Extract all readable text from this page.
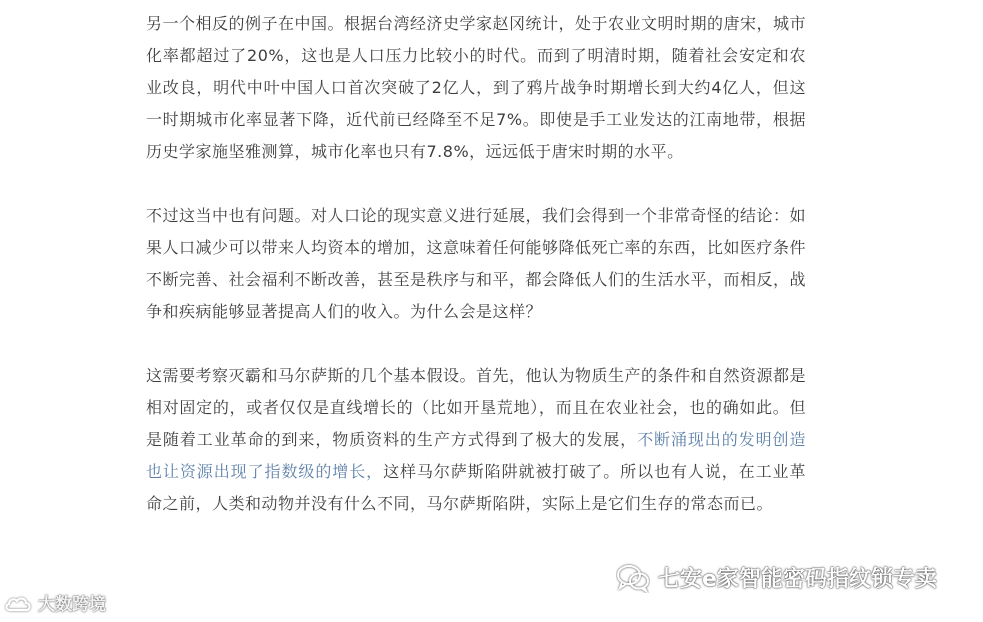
另一个相反的例子在中国。根据台湾经济史学家赵冈统计，处于农业文明时期的唐宋，城市化率都超过了20%，这也是人口压力比较小的时代。而到了明清时期，随着社会安定和农业改良，明代中叶中国人口首次突破了2亿人，到了鸦片战争时期增长到大约4亿人，但这一时期城市化率显著下降，近代前已经降至不足7%。即使是手工业发达的江南地带，根据历史学家施坚雅测算，城市化率也只有7.8%，远远低于唐宋时期的水平。

不过这当中也有问题。对人口论的现实意义进行延展，我们会得到一个非常奇怪的结论：如果人口减少可以带来人均资本的增加，这意味着任何能够降低死亡率的东西，比如医疗条件不断完善、社会福利不断改善，甚至是秩序与和平，都会降低人们的生活水平，而相反，战争和疾病能够显著提高人们的收入。为什么会是这样？

这需要考察灭霸和马尔萨斯的几个基本假设。首先，他认为物质生产的条件和自然资源都是相对固定的，或者仅仅是直线增长的（比如开垦荒地），而且在农业社会，也的确如此。但是随着工业革命的到来，物质资料的生产方式得到了极大的发展，不断涌现出的发明创造也让资源出现了指数级的增长，这样马尔萨斯陷阱就被打破了。所以也有人说，在工业革命之前，人类和动物并没有什么不同，马尔萨斯陷阱，实际上是它们生存的常态而已。

大数跨境
七安e家智能密码指纹锁专卖
